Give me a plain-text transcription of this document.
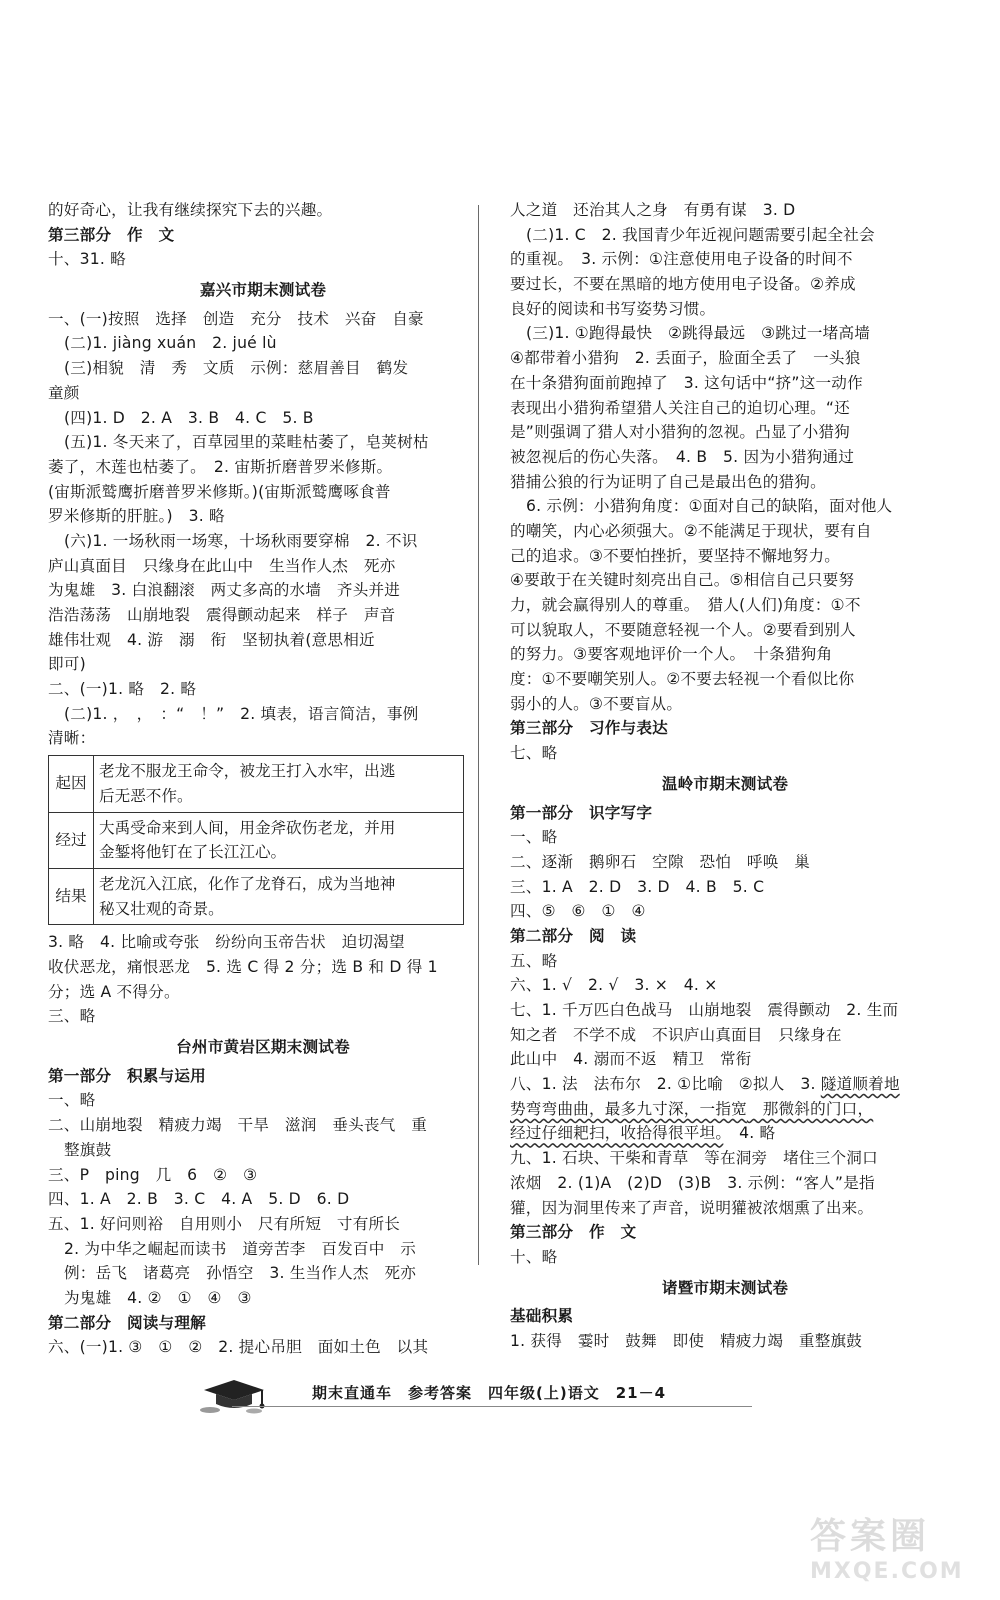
的好奇心，让我有继续探究下去的兴趣。
第三部分　作　文
十、31. 略
嘉兴市期末测试卷
一、(一)按照　选择　创造　充分　技术　兴奋　自豪
(二)1. jiàng xuán　2. jué lù
(三)相貌　清　秀　文质　示例：慈眉善目　鹤发
童颜
(四)1. D　2. A　3. B　4. C　5. B
(五)1. 冬天来了，百草园里的菜畦枯萎了，皂荚树枯
萎了，木莲也枯萎了。　2. 宙斯折磨普罗米修斯。
(宙斯派鹫鹰折磨普罗米修斯。)(宙斯派鹫鹰啄食普
罗米修斯的肝脏。)　3. 略
(六)1. 一场秋雨一场寒，十场秋雨要穿棉　2. 不识
庐山真面目　只缘身在此山中　生当作人杰　死亦
为鬼雄　3. 白浪翻滚　两丈多高的水墙　齐头并进
浩浩荡荡　山崩地裂　震得颤动起来　样子　声音
雄伟壮观　4. 游　溺　衔　坚韧执着(意思相近
即可)
二、(一)1. 略　2. 略
(二)1. ，　，　：“　！”　2. 填表，语言简洁，事例
清晰：
起因	老龙不服龙王命令，被龙王打入水牢，出逃
后无恶不作。

经过	大禹受命来到人间，用金斧砍伤老龙，并用
金錾将他钉在了长江江心。

结果	老龙沉入江底，化作了龙脊石，成为当地神
秘又壮观的奇景。
3. 略　4. 比喻或夸张　纷纷向玉帝告状　迫切渴望
收伏恶龙，痛恨恶龙　5. 选 C 得 2 分；选 B 和 D 得 1
分；选 A 不得分。
三、略
台州市黄岩区期末测试卷
第一部分　积累与运用
一、略
二、山崩地裂　精疲力竭　干旱　滋润　垂头丧气　重
整旗鼓
三、P　ping　几　6　②　③
四、1. A　2. B　3. C　4. A　5. D　6. D
五、1. 好问则裕　自用则小　尺有所短　寸有所长
2. 为中华之崛起而读书　道旁苦李　百发百中　示
例：岳飞　诸葛亮　孙悟空　3. 生当作人杰　死亦
为鬼雄　4. ②　①　④　③
第二部分　阅读与理解
六、(一)1. ③　①　②　2. 提心吊胆　面如土色　以其
人之道　还治其人之身　有勇有谋　3. D
(二)1. C　2. 我国青少年近视问题需要引起全社会
的重视。　3. 示例：①注意使用电子设备的时间不
要过长，不要在黑暗的地方使用电子设备。②养成
良好的阅读和书写姿势习惯。
(三)1. ①跑得最快　②跳得最远　③跳过一堵高墙
④都带着小猎狗　2. 丢面子，脸面全丢了　一头狼
在十条猎狗面前跑掉了　3. 这句话中“挤”这一动作
表现出小猎狗希望猎人关注自己的迫切心理。“还
是”则强调了猎人对小猎狗的忽视。凸显了小猎狗
被忽视后的伤心失落。　4. B　5. 因为小猎狗通过
猎捕公狼的行为证明了自己是最出色的猎狗。
6. 示例：小猎狗角度：①面对自己的缺陷，面对他人
的嘲笑，内心必须强大。②不能满足于现状，要有自
己的追求。③不要怕挫折，要坚持不懈地努力。
④要敢于在关键时刻亮出自己。⑤相信自己只要努
力，就会赢得别人的尊重。　猎人(人们)角度：①不
可以貌取人，不要随意轻视一个人。②要看到别人
的努力。③要客观地评价一个人。　十条猎狗角
度：①不要嘲笑别人。②不要去轻视一个看似比你
弱小的人。③不要盲从。
第三部分　习作与表达
七、略
温岭市期末测试卷
第一部分　识字写字
一、略
二、逐渐　鹅卵石　空隙　恐怕　呼唤　巢
三、1. A　2. D　3. D　4. B　5. C
四、⑤　⑥　①　④
第二部分　阅　读
五、略
六、1. √　2. √　3. ×　4. ×
七、1. 千万匹白色战马　山崩地裂　震得颤动　2. 生而
知之者　不学不成　不识庐山真面目　只缘身在
此山中　4. 溺而不返　精卫　常衔
八、1. 法　法布尔　2. ①比喻　②拟人　3. 隧道顺着地
势弯弯曲曲，最多九寸深，一指宽　那微斜的门口，
经过仔细耙扫，收拾得很平坦。　4. 略
九、1. 石块、干柴和青草　等在洞旁　堵住三个洞口
浓烟　2. (1)A　(2)D　(3)B　3. 示例：“客人”是指
獾，因为洞里传来了声音，说明獾被浓烟熏了出来。
第三部分　作　文
十、略
诸暨市期末测试卷
基础积累
1. 获得　霎时　鼓舞　即使　精疲力竭　重整旗鼓
期末直通车　参考答案　四年级(上)语文　21－4
答案圈
MXQE.COM
